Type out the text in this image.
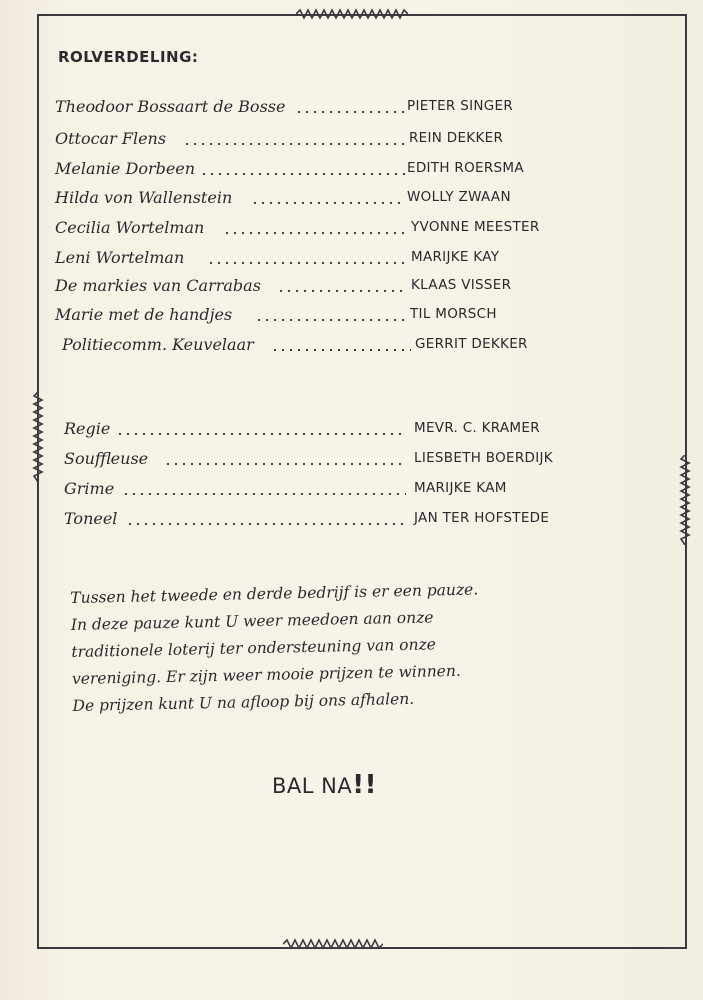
ROLVERDELING:
Theodoor Bossaart de Bosse	PIETER SINGER
Ottocar Flens	REIN DEKKER
Melanie Dorbeen	EDITH ROERSMA
Hilda von Wallenstein	WOLLY ZWAAN
Cecilia Wortelman	YVONNE MEESTER
Leni Wortelman	MARIJKE KAY
De markies van Carrabas	KLAAS VISSER
Marie met de handjes	TIL MORSCH
Politiecomm. Keuvelaar	GERRIT DEKKER
Regie	MEVR. C. KRAMER
Souffleuse	LIESBETH BOERDIJK
Grime	MARIJKE KAM
Toneel	JAN TER HOFSTEDE

Tussen het tweede en derde bedrijf is er een pauze.

In deze pauze kunt U weer meedoen aan onze

traditionele loterij ter ondersteuning van onze

vereniging. Er zijn weer mooie prijzen te winnen.

De prijzen kunt U na afloop bij ons afhalen.

BAL NA!!
